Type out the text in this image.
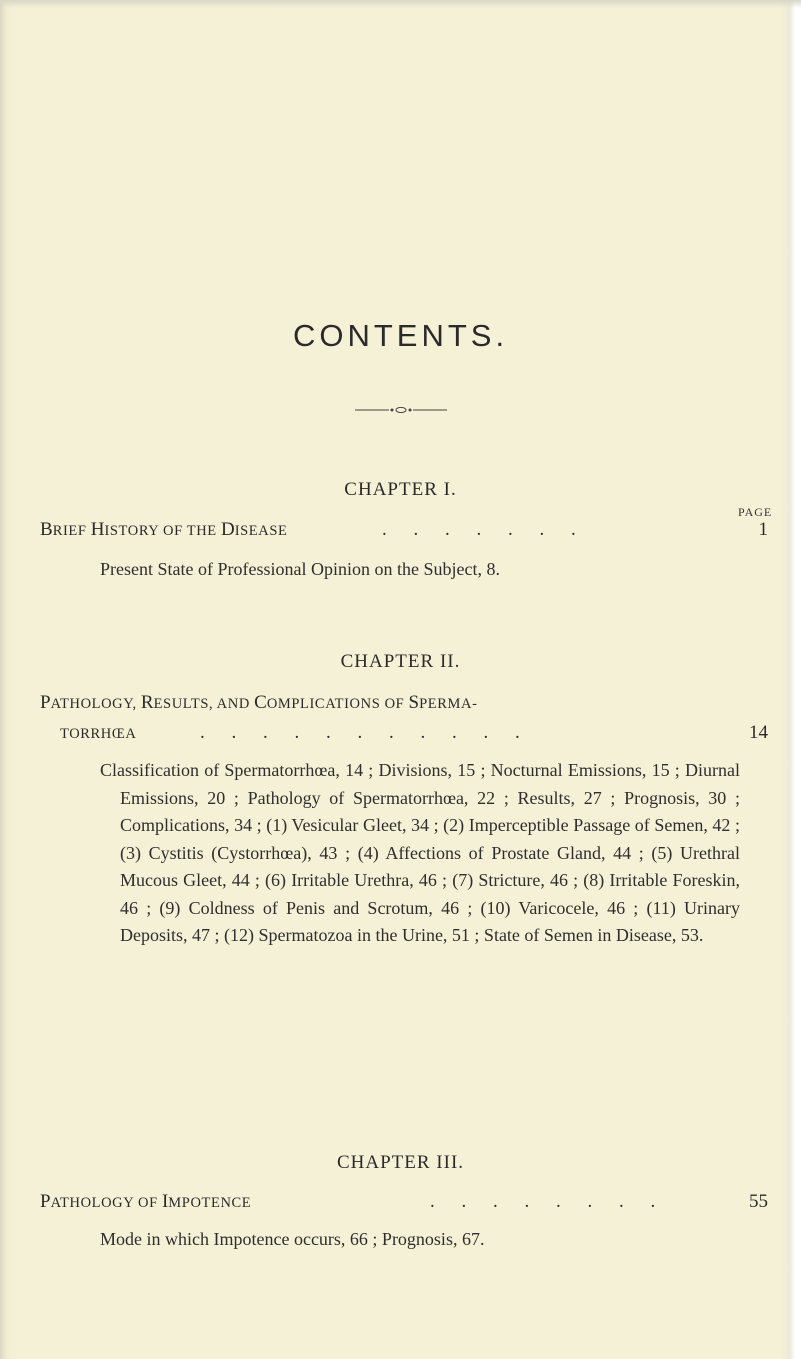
CONTENTS.
CHAPTER I.
PAGE
BRIEF HISTORY OF THE DISEASE	. . . . . . .	1
Present State of Professional Opinion on the Subject, 8.
CHAPTER II.
PATHOLOGY, RESULTS, AND COMPLICATIONS OF SPERMA-
TORRHŒA	. . . . . . . . . . .	14

Classification of Spermatorrhœa, 14 ; Divisions, 15 ; Nocturnal Emissions, 15 ; Diurnal Emissions, 20 ; Pathology of Spermatorrhœa, 22 ; Results, 27 ; Prognosis, 30 ; Complications, 34 ; (1) Vesicular Gleet, 34 ; (2) Imperceptible Passage of Semen, 42 ; (3) Cystitis (Cystorrhœa), 43 ; (4) Affections of Prostate Gland, 44 ; (5) Urethral Mucous Gleet, 44 ; (6) Irritable Urethra, 46 ; (7) Stricture, 46 ; (8) Irritable Foreskin, 46 ; (9) Coldness of Penis and Scrotum, 46 ; (10) Varicocele, 46 ; (11) Urinary Deposits, 47 ; (12) Spermatozoa in the Urine, 51 ; State of Semen in Disease, 53.

CHAPTER III.
PATHOLOGY OF IMPOTENCE	. . . . . . . .	55
Mode in which Impotence occurs, 66 ; Prognosis, 67.
